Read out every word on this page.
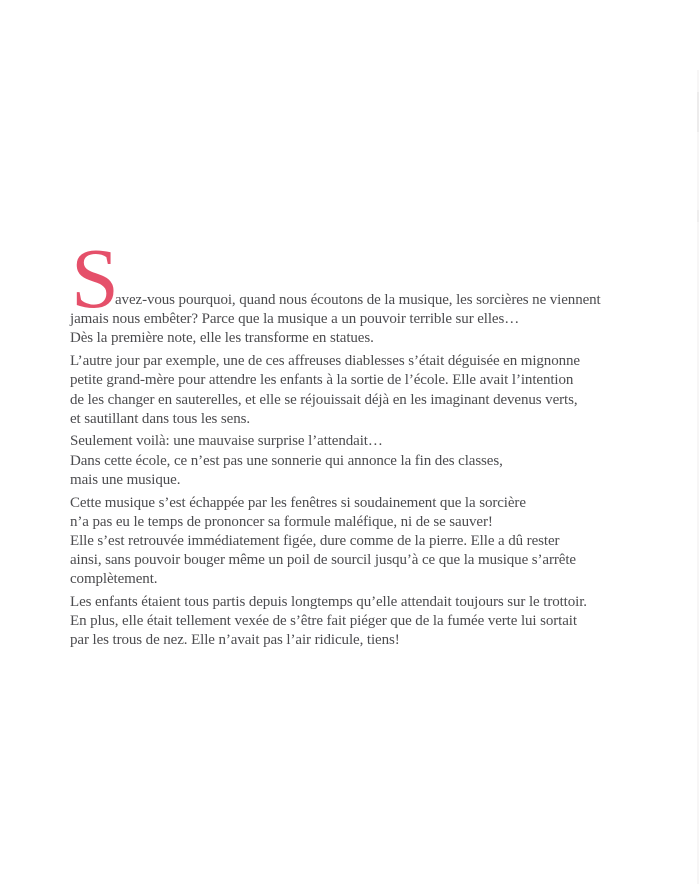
S
avez-vous pourquoi, quand nous écoutons de la musique, les sorcières ne viennent
jamais nous embêter? Parce que la musique a un pouvoir terrible sur elles…
Dès la première note, elle les transforme en statues.
L’autre jour par exemple, une de ces affreuses diablesses s’était déguisée en mignonne
petite grand-mère pour attendre les enfants à la sortie de l’école. Elle avait l’intention
de les changer en sauterelles, et elle se réjouissait déjà en les imaginant devenus verts,
et sautillant dans tous les sens.
Seulement voilà: une mauvaise surprise l’attendait…
Dans cette école, ce n’est pas une sonnerie qui annonce la fin des classes,
mais une musique.
Cette musique s’est échappée par les fenêtres si soudainement que la sorcière
n’a pas eu le temps de prononcer sa formule maléfique, ni de se sauver!
Elle s’est retrouvée immédiatement figée, dure comme de la pierre. Elle a dû rester
ainsi, sans pouvoir bouger même un poil de sourcil jusqu’à ce que la musique s’arrête
complètement.
Les enfants étaient tous partis depuis longtemps qu’elle attendait toujours sur le trottoir.
En plus, elle était tellement vexée de s’être fait piéger que de la fumée verte lui sortait
par les trous de nez. Elle n’avait pas l’air ridicule, tiens!
